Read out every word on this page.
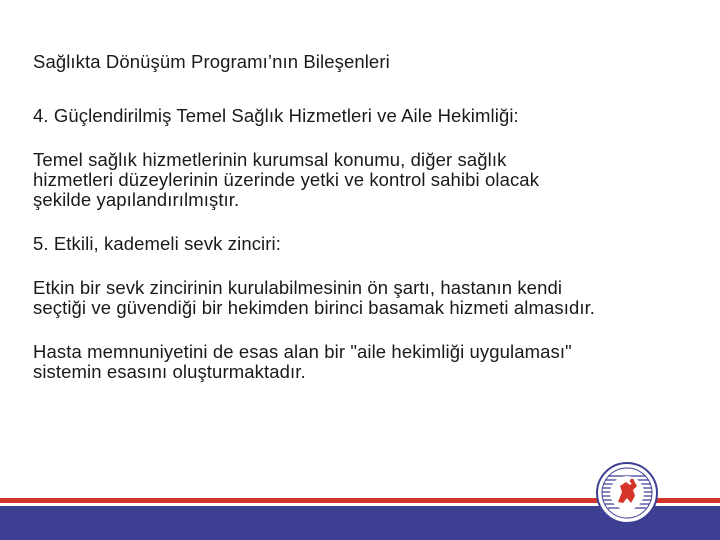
Sağlıkta Dönüşüm Programı’nın Bileşenleri

4. Güçlendirilmiş Temel Sağlık Hizmetleri ve Aile Hekimliği:

Temel sağlık hizmetlerinin kurumsal konumu, diğer sağlık
hizmetleri düzeylerinin üzerinde yetki ve kontrol sahibi olacak
şekilde yapılandırılmıştır.

5. Etkili, kademeli sevk zinciri:

Etkin bir sevk zincirinin kurulabilmesinin ön şartı, hastanın kendi
seçtiği ve güvendiği bir hekimden birinci basamak hizmeti almasıdır.

Hasta memnuniyetini de esas alan bir "aile hekimliği uygulaması"
sistemin esasını oluşturmaktadır.
